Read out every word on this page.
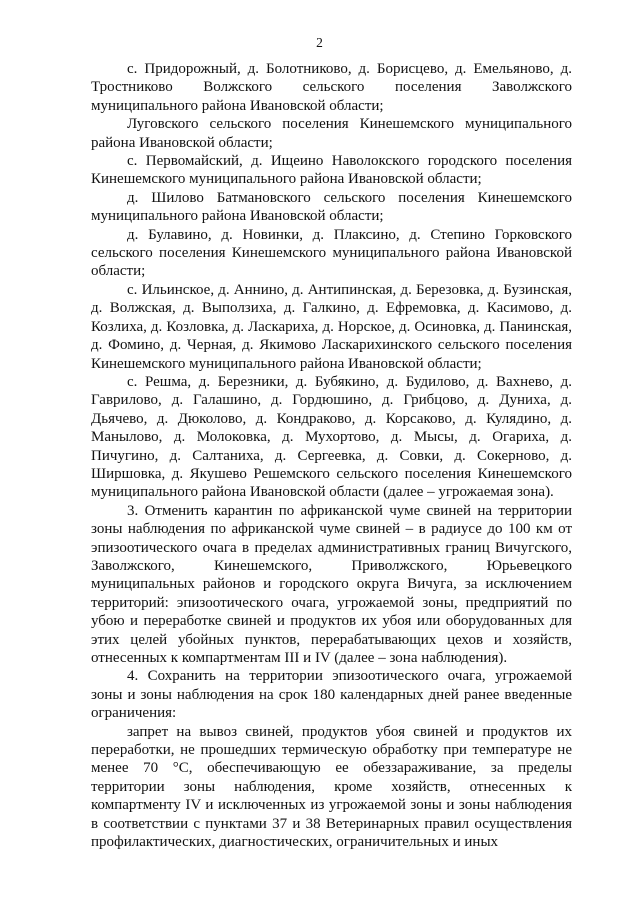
2

с. Придорожный, д. Болотниково, д. Борисцево, д. Емельяново, д. Тростниково Волжского сельского поселения Заволжского муниципального района Ивановской области;

Луговского сельского поселения Кинешемского муниципального района Ивановской области;

с. Первомайский, д. Ищеино Наволокского городского поселения Кинешемского муниципального района Ивановской области;

д. Шилово Батмановского сельского поселения Кинешемского муниципального района Ивановской области;

д. Булавино, д. Новинки, д. Плаксино, д. Степино Горковского сельского поселения Кинешемского муниципального района Ивановской области;

с. Ильинское, д. Аннино, д. Антипинская, д. Березовка, д. Бузинская, д. Волжская, д. Выползиха, д. Галкино, д. Ефремовка, д. Касимово, д. Козлиха, д. Козловка, д. Ласкариха, д. Норское, д. Осиновка, д. Панинская, д. Фомино, д. Черная, д. Якимово Ласкарихинского сельского поселения Кинешемского муниципального района Ивановской области;

с. Решма, д. Березники, д. Бубякино, д. Будилово, д. Вахнево, д. Гаврилово, д. Галашино, д. Гордюшино, д. Грибцово, д. Дуниха, д. Дьячево, д. Дюколово, д. Кондраково, д. Корсаково, д. Кулядино, д. Манылово, д. Молоковка, д. Мухортово, д. Мысы, д. Огариха, д. Пичугино, д. Салтаниха, д. Сергеевка, д. Совки, д. Сокерново, д. Ширшовка, д. Якушево Решемского сельского поселения Кинешемского муниципального района Ивановской области (далее – угрожаемая зона).

3. Отменить карантин по африканской чуме свиней на территории зоны наблюдения по африканской чуме свиней – в радиусе до 100 км от эпизоотического очага в пределах административных границ Вичугского, Заволжского, Кинешемского, Приволжского, Юрьевецкого муниципальных районов и городского округа Вичуга, за исключением территорий: эпизоотического очага, угрожаемой зоны, предприятий по убою и переработке свиней и продуктов их убоя или оборудованных для этих целей убойных пунктов, перерабатывающих цехов и хозяйств, отнесенных к компартментам III и IV (далее – зона наблюдения).

4. Сохранить на территории эпизоотического очага, угрожаемой зоны и зоны наблюдения на срок 180 календарных дней ранее введенные ограничения:

запрет на вывоз свиней, продуктов убоя свиней и продуктов их переработки, не прошедших термическую обработку при температуре не менее 70 °С, обеспечивающую ее обеззараживание, за пределы территории зоны наблюдения, кроме хозяйств, отнесенных к компартменту IV и исключенных из угрожаемой зоны и зоны наблюдения в соответствии с пунктами 37 и 38 Ветеринарных правил осуществления профилактических, диагностических, ограничительных и иных
